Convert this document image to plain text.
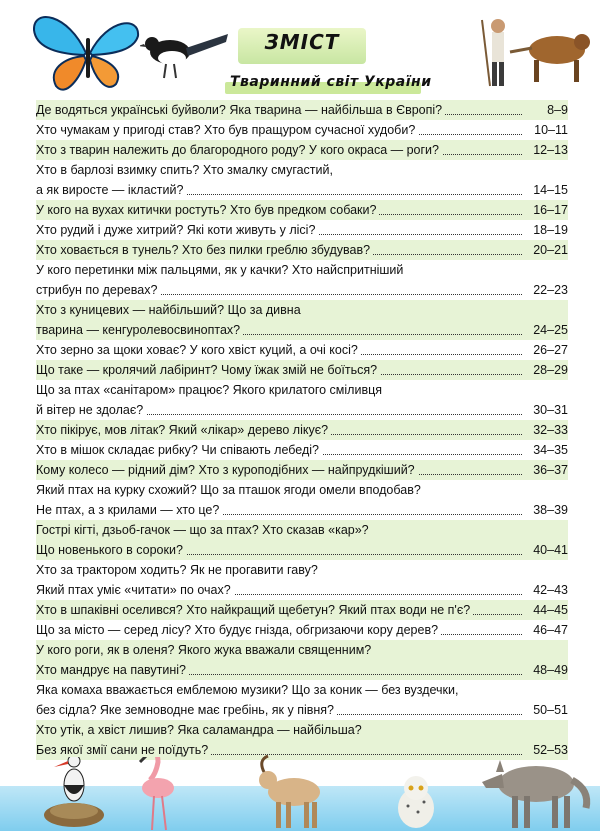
ЗМІСТ
Тваринний світ України
Де водяться українські буйволи? Яка тварина — найбільша в Європі?	8–9
Хто чумакам у пригоді став? Хто був пращуром сучасної худоби?	10–11
Хто з тварин належить до благородного роду? У кого окраса — роги?	12–13
Хто в барлозі взимку спить? Хто змалку смугастий,
а як виросте — ікластий?	14–15
У кого на вухах китички ростуть? Хто був предком собаки?	16–17
Хто рудий і дуже хитрий? Які коти живуть у лісі?	18–19
Хто ховається в тунель? Хто без пилки греблю збудував?	20–21
У кого перетинки між пальцями, як у качки? Хто найспритніший
стрибун по деревах?	22–23
Хто з куницевих — найбільший? Що за дивна
тварина — кенгуролевосвиноптах?	24–25
Хто зерно за щоки ховає? У кого хвіст куций, а очі косі?	26–27
Що таке — кролячий лабіринт? Чому їжак змій не боїться?	28–29
Що за птах «санітаром» працює? Якого крилатого сміливця
й вітер не здолає?	30–31
Хто пікірує, мов літак? Який «лікар» дерево лікує?	32–33
Хто в мішок складає рибку? Чи співають лебеді?	34–35
Кому колесо — рідний дім? Хто з куроподібних — найпрудкіший?	36–37
Який птах на курку схожий? Що за пташок ягоди омели вподобав?
Не птах, а з крилами — хто це?	38–39
Гострі кігті, дзьоб-гачок — що за птах? Хто сказав «кар»?
Що новенького в сороки?	40–41
Хто за трактором ходить? Як не прогавити гаву?
Який птах уміє «читати» по очах?	42–43
Хто в шпаківні оселився? Хто найкращий щебетун? Який птах води не п'є?	44–45
Що за місто — серед лісу? Хто будує гнізда, обгризаючи кору дерев?	46–47
У кого роги, як в оленя? Якого жука вважали священним?
Хто мандрує на павутині?	48–49
Яка комаха вважається емблемою музики? Що за коник — без вуздечки,
без сідла? Яке земноводне має гребінь, як у півня?	50–51
Хто утік, а хвіст лишив? Яка саламандра — найбільша?
Без якої змії сани не поїдуть?	52–53
